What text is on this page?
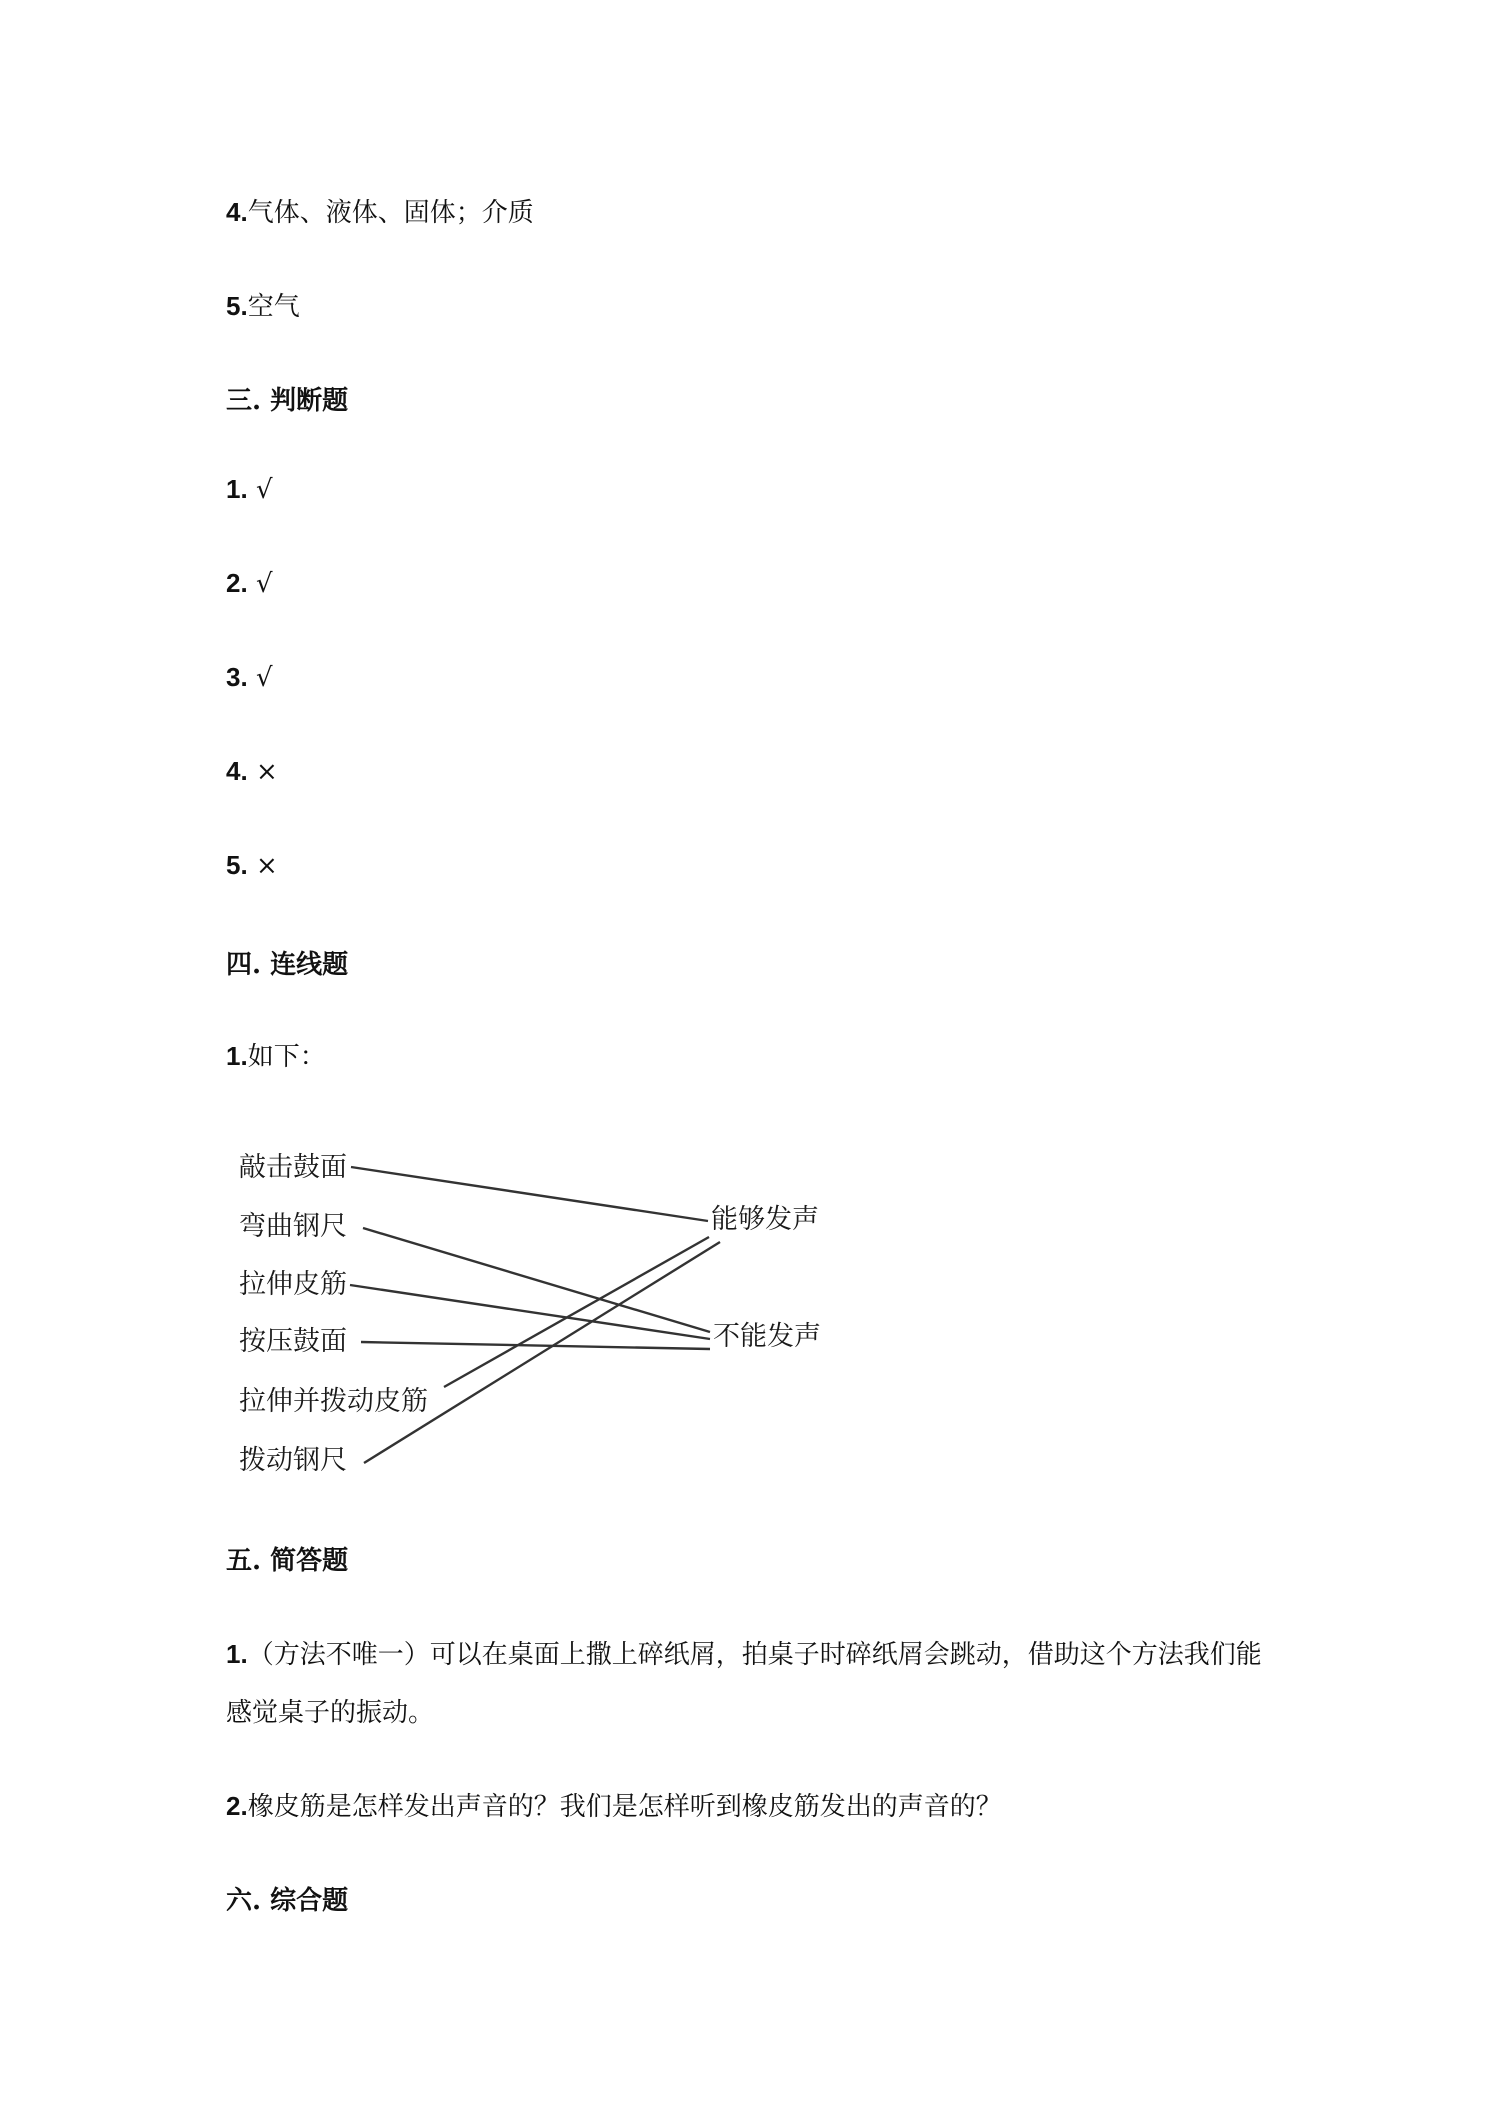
4.气体、液体、固体；介质
5.空气
三. 判断题
1. √
2. √
3. √
4. ×
5. ×
四. 连线题
1.如下：
敲击鼓面
弯曲钢尺
拉伸皮筋
按压鼓面
拉伸并拨动皮筋
拨动钢尺
能够发声
不能发声
五. 简答题
1.（方法不唯一）可以在桌面上撒上碎纸屑，拍桌子时碎纸屑会跳动，借助这个方法我们能
感觉桌子的振动。
2.橡皮筋是怎样发出声音的？我们是怎样听到橡皮筋发出的声音的？
六. 综合题
